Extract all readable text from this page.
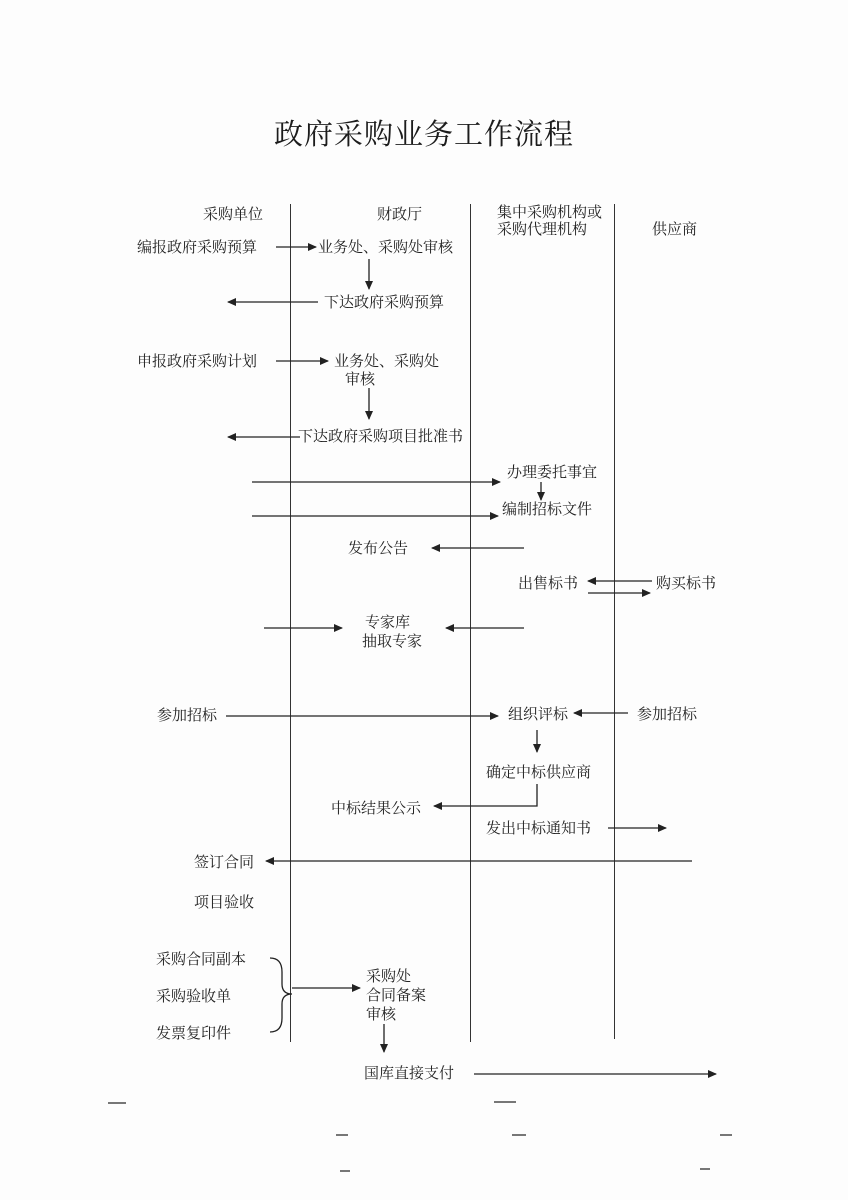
政府采购业务工作流程
采购单位	财政厅	集中采购机构或
采购代理机构	供应商
编报政府采购预算	业务处、采购处审核
下达政府采购预算
申报政府采购计划	业务处、采购处
审核
下达政府采购项目批准书
办理委托事宜
编制招标文件
发布公告
出售标书	购买标书
专家库
抽取专家
参加招标	组织评标	参加招标
确定中标供应商
中标结果公示
发出中标通知书
签订合同
项目验收
采购合同副本
采购验收单
发票复印件
采购处
合同备案
审核
国库直接支付
